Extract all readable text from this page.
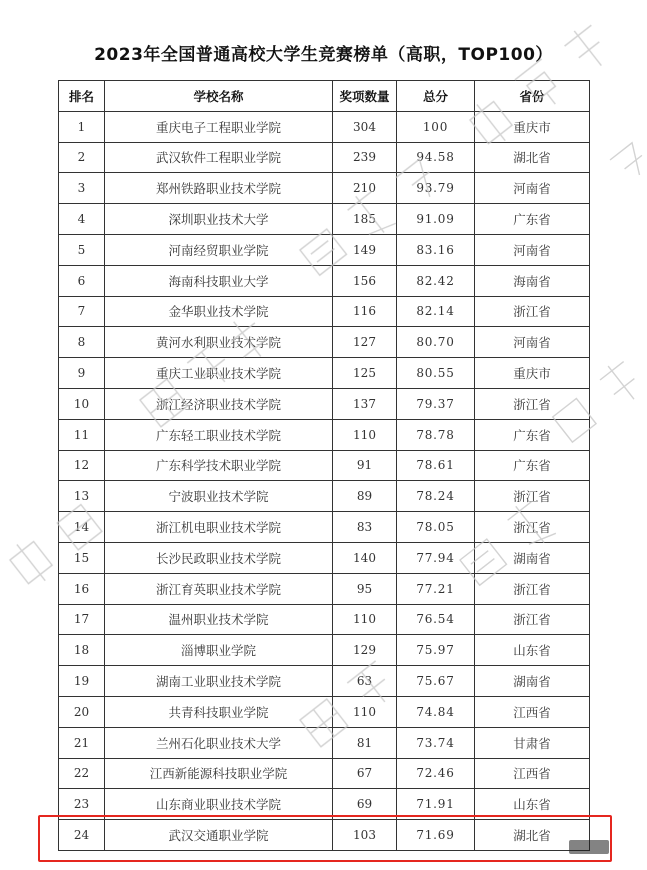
2023年全国普通高校大学生竞赛榜单（高职，TOP100）
排名	学校名称	奖项数量	总分	省份
1	重庆电子工程职业学院	304	100	重庆市
2	武汉软件工程职业学院	239	94.58	湖北省
3	郑州铁路职业技术学院	210	93.79	河南省
4	深圳职业技术大学	185	91.09	广东省
5	河南经贸职业学院	149	83.16	河南省
6	海南科技职业大学	156	82.42	海南省
7	金华职业技术学院	116	82.14	浙江省
8	黄河水利职业技术学院	127	80.70	河南省
9	重庆工业职业技术学院	125	80.55	重庆市
10	浙江经济职业技术学院	137	79.37	浙江省
11	广东轻工职业技术学院	110	78.78	广东省
12	广东科学技术职业学院	91	78.61	广东省
13	宁波职业技术学院	89	78.24	浙江省
14	浙江机电职业技术学院	83	78.05	浙江省
15	长沙民政职业技术学院	140	77.94	湖南省
16	浙江育英职业技术学院	95	77.21	浙江省
17	温州职业技术学院	110	76.54	浙江省
18	淄博职业学院	129	75.97	山东省
19	湖南工业职业技术学院	63	75.67	湖南省
20	共青科技职业学院	110	74.84	江西省
21	兰州石化职业技术大学	81	73.74	甘肃省
22	江西新能源科技职业学院	67	72.46	江西省
23	山东商业职业技术学院	69	71.91	山东省
24	武汉交通职业学院	103	71.69	湖北省
